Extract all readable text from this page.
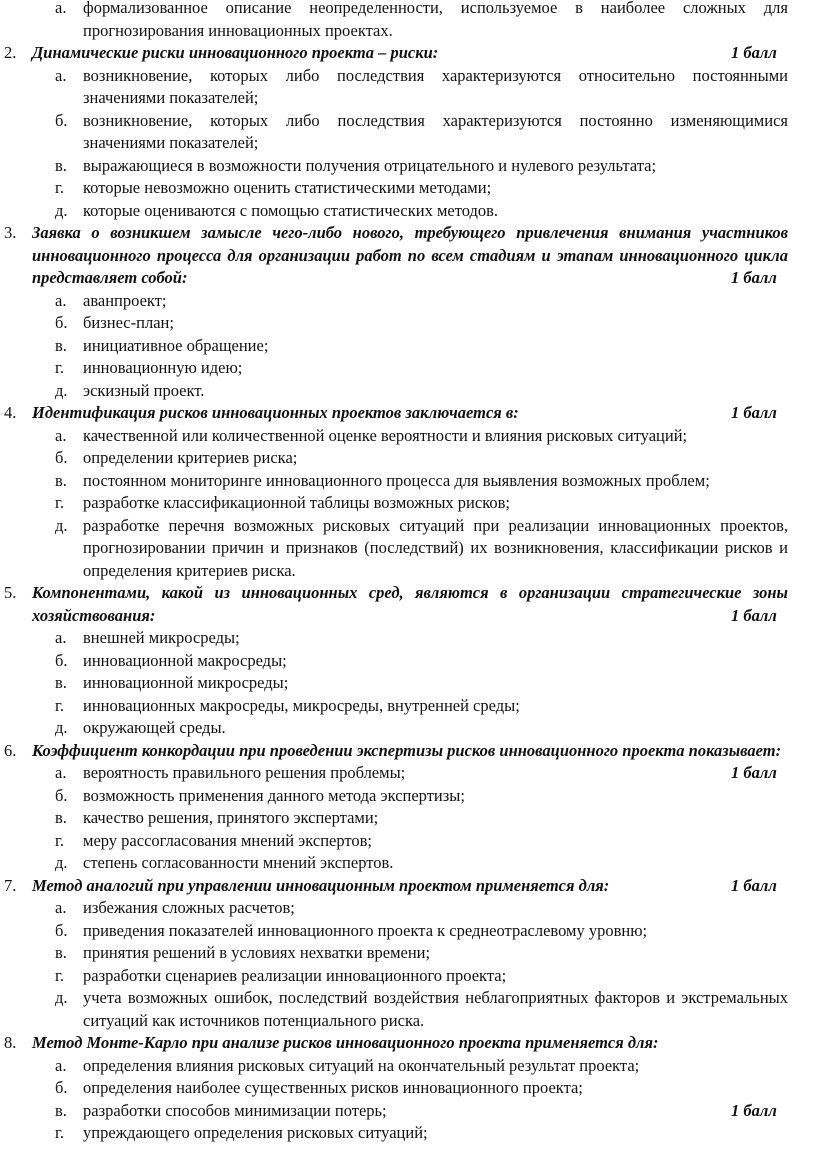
а. формализованное описание неопределенности, используемое в наиболее сложных для прогнозирования инновационных проектах.
2. Динамические риски инновационного проекта – риски:	1 балл
а. возникновение, которых либо последствия характеризуются относительно постоянными значениями показателей;
б. возникновение, которых либо последствия характеризуются постоянно изменяющимися значениями показателей;
в. выражающиеся в возможности получения отрицательного и нулевого результата;
г. которые невозможно оценить статистическими методами;
д. которые оцениваются с помощью статистических методов.
3. Заявка о возникшем замысле чего-либо нового, требующего привлечения внимания участников инновационного процесса для организации работ по всем стадиям и этапам инновационного цикла представляет собой:	1 балл
а. аванпроект;
б. бизнес-план;
в. инициативное обращение;
г. инновационную идею;
д. эскизный проект.
4. Идентификация рисков инновационных проектов заключается в:	1 балл
а. качественной или количественной оценке вероятности и влияния рисковых ситуаций;
б. определении критериев риска;
в. постоянном мониторинге инновационного процесса для выявления возможных проблем;
г. разработке классификационной таблицы возможных рисков;
д. разработке перечня возможных рисковых ситуаций при реализации инновационных проектов, прогнозировании причин и признаков (последствий) их возникновения, классификации рисков и определения критериев риска.
5. Компонентами, какой из инновационных сред, являются в организации стратегические зоны хозяйствования:	1 балл
а. внешней микросреды;
б. инновационной макросреды;
в. инновационной микросреды;
г. инновационных макросреды, микросреды, внутренней среды;
д. окружающей среды.
6. Коэффициент конкордации при проведении экспертизы рисков инновационного проекта показывает:
1 балл
а. вероятность правильного решения проблемы;
б. возможность применения данного метода экспертизы;
в. качество решения, принятого экспертами;
г. меру рассогласования мнений экспертов;
д. степень согласованности мнений экспертов.
7. Метод аналогий при управлении инновационным проектом применяется для:	1 балл
а. избежания сложных расчетов;
б. приведения показателей инновационного проекта к среднеотраслевому уровню;
в. принятия решений в условиях нехватки времени;
г. разработки сценариев реализации инновационного проекта;
д. учета возможных ошибок, последствий воздействия неблагоприятных факторов и экстремальных ситуаций как источников потенциального риска.
8. Метод Монте-Карло при анализе рисков инновационного проекта применяется для:
а. определения влияния рисковых ситуаций на окончательный результат проекта;
б. определения наиболее существенных рисков инновационного проекта;
в. разработки способов минимизации потерь;	1 балл
г. упреждающего определения рисковых ситуаций;
